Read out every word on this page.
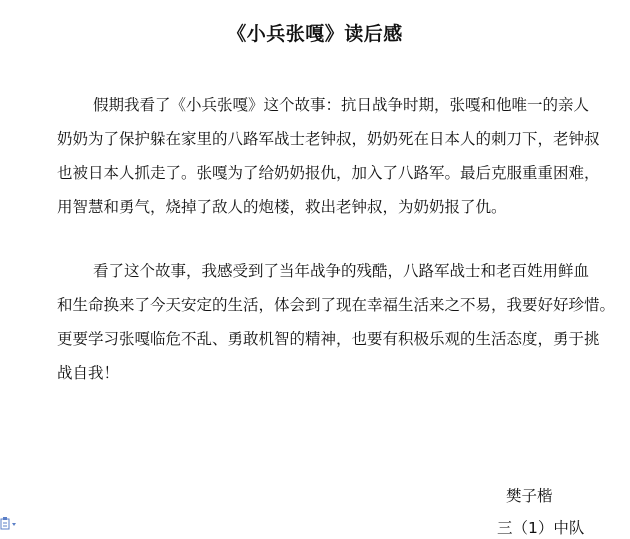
《小兵张嘎》读后感

假期我看了《小兵张嘎》这个故事：抗日战争时期，张嘎和他唯一的亲人
奶奶为了保护躲在家里的八路军战士老钟叔，奶奶死在日本人的刺刀下，老钟叔
也被日本人抓走了。张嘎为了给奶奶报仇，加入了八路军。最后克服重重困难，
用智慧和勇气，烧掉了敌人的炮楼，救出老钟叔，为奶奶报了仇。

看了这个故事，我感受到了当年战争的残酷，八路军战士和老百姓用鲜血
和生命换来了今天安定的生活，体会到了现在幸福生活来之不易，我要好好珍惜。
更要学习张嘎临危不乱、勇敢机智的精神，也要有积极乐观的生活态度，勇于挑
战自我！

樊子楷

三（1）中队
